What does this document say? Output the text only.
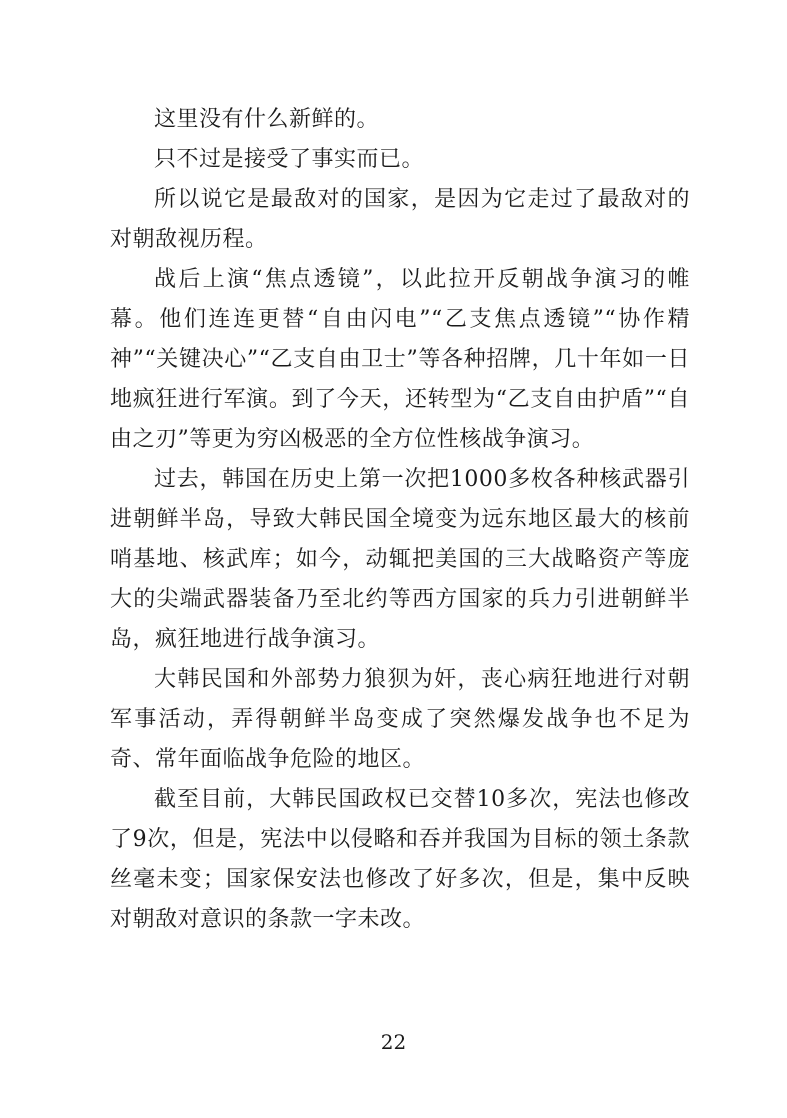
这里没有什么新鲜的。

只不过是接受了事实而已。

所以说它是最敌对的国家，是因为它走过了最敌对的对朝敌视历程。

战后上演“焦点透镜”，以此拉开反朝战争演习的帷幕。他们连连更替“自由闪电”“乙支焦点透镜”“协作精神”“关键决心”“乙支自由卫士”等各种招牌，几十年如一日地疯狂进行军演。到了今天，还转型为“乙支自由护盾”“自由之刃”等更为穷凶极恶的全方位性核战争演习。

过去，韩国在历史上第一次把1000多枚各种核武器引进朝鲜半岛，导致大韩民国全境变为远东地区最大的核前哨基地、核武库；如今，动辄把美国的三大战略资产等庞大的尖端武器装备乃至北约等西方国家的兵力引进朝鲜半岛，疯狂地进行战争演习。

大韩民国和外部势力狼狈为奸，丧心病狂地进行对朝军事活动，弄得朝鲜半岛变成了突然爆发战争也不足为奇、常年面临战争危险的地区。

截至目前，大韩民国政权已交替10多次，宪法也修改了9次，但是，宪法中以侵略和吞并我国为目标的领土条款丝毫未变；国家保安法也修改了好多次，但是，集中反映对朝敌对意识的条款一字未改。

22
